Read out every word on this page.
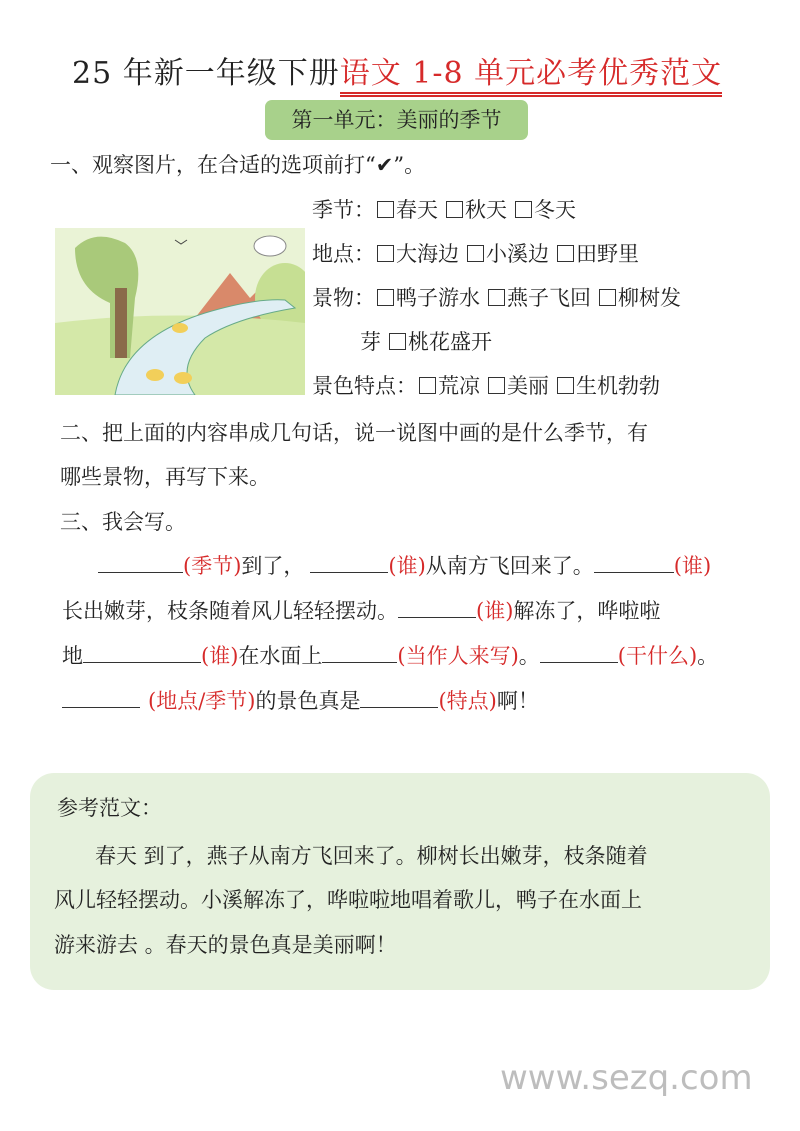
25 年新一年级下册语文 1-8 单元必考优秀范文
第一单元：美丽的季节
一、观察图片，在合适的选项前打“✔”。
季节： 春天 秋天 冬天
地点： 大海边 小溪边 田野里
景物： 鸭子游水 燕子飞回 柳树发
芽 桃花盛开
景色特点： 荒凉 美丽 生机勃勃
二、把上面的内容串成几句话，说一说图中画的是什么季节，有
哪些景物，再写下来。
三、我会写。
(季节)到了，	(谁)从南方飞回来了。	(谁)
长出嫩芽，枝条随着风儿轻轻摆动。	(谁)解冻了，哗啦啦
地	(谁)在水面上	(当作人来写)。	(干什么)。
(地点/季节)的景色真是	(特点)啊！
参考范文：
春天 到了，燕子从南方飞回来了。柳树长出嫩芽，枝条随着
风儿轻轻摆动。小溪解冻了，哗啦啦地唱着歌儿，鸭子在水面上
游来游去 。春天的景色真是美丽啊！
www.sezq.com
